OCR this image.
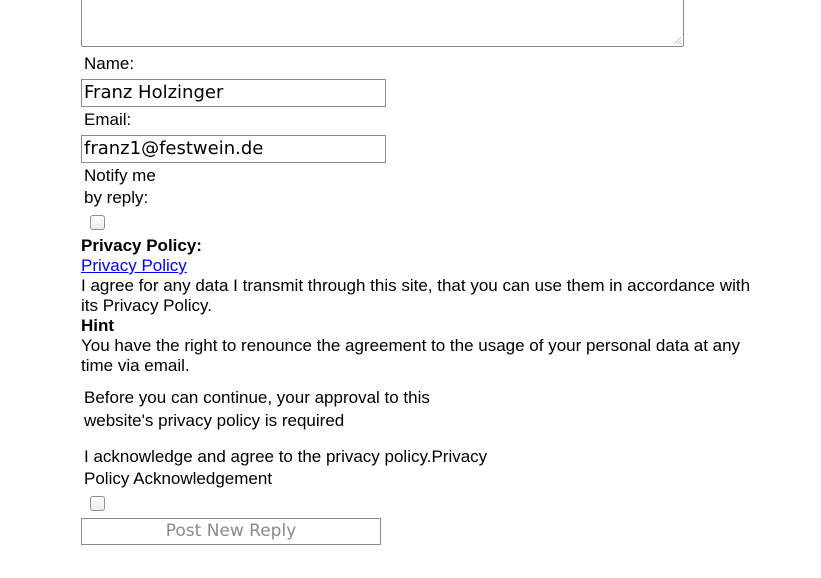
Name:
Franz Holzinger
Email:
franz1@festwein.de
Notify me
by reply:
Privacy Policy:
Privacy Policy
I agree for any data I transmit through this site, that you can use them in accordance with its Privacy Policy.
Hint
You have the right to renounce the agreement to the usage of your personal data at any time via email.
Before you can continue, your approval to this
website's privacy policy is required
I acknowledge and agree to the privacy policy.Privacy
Policy Acknowledgement
Post New Reply
